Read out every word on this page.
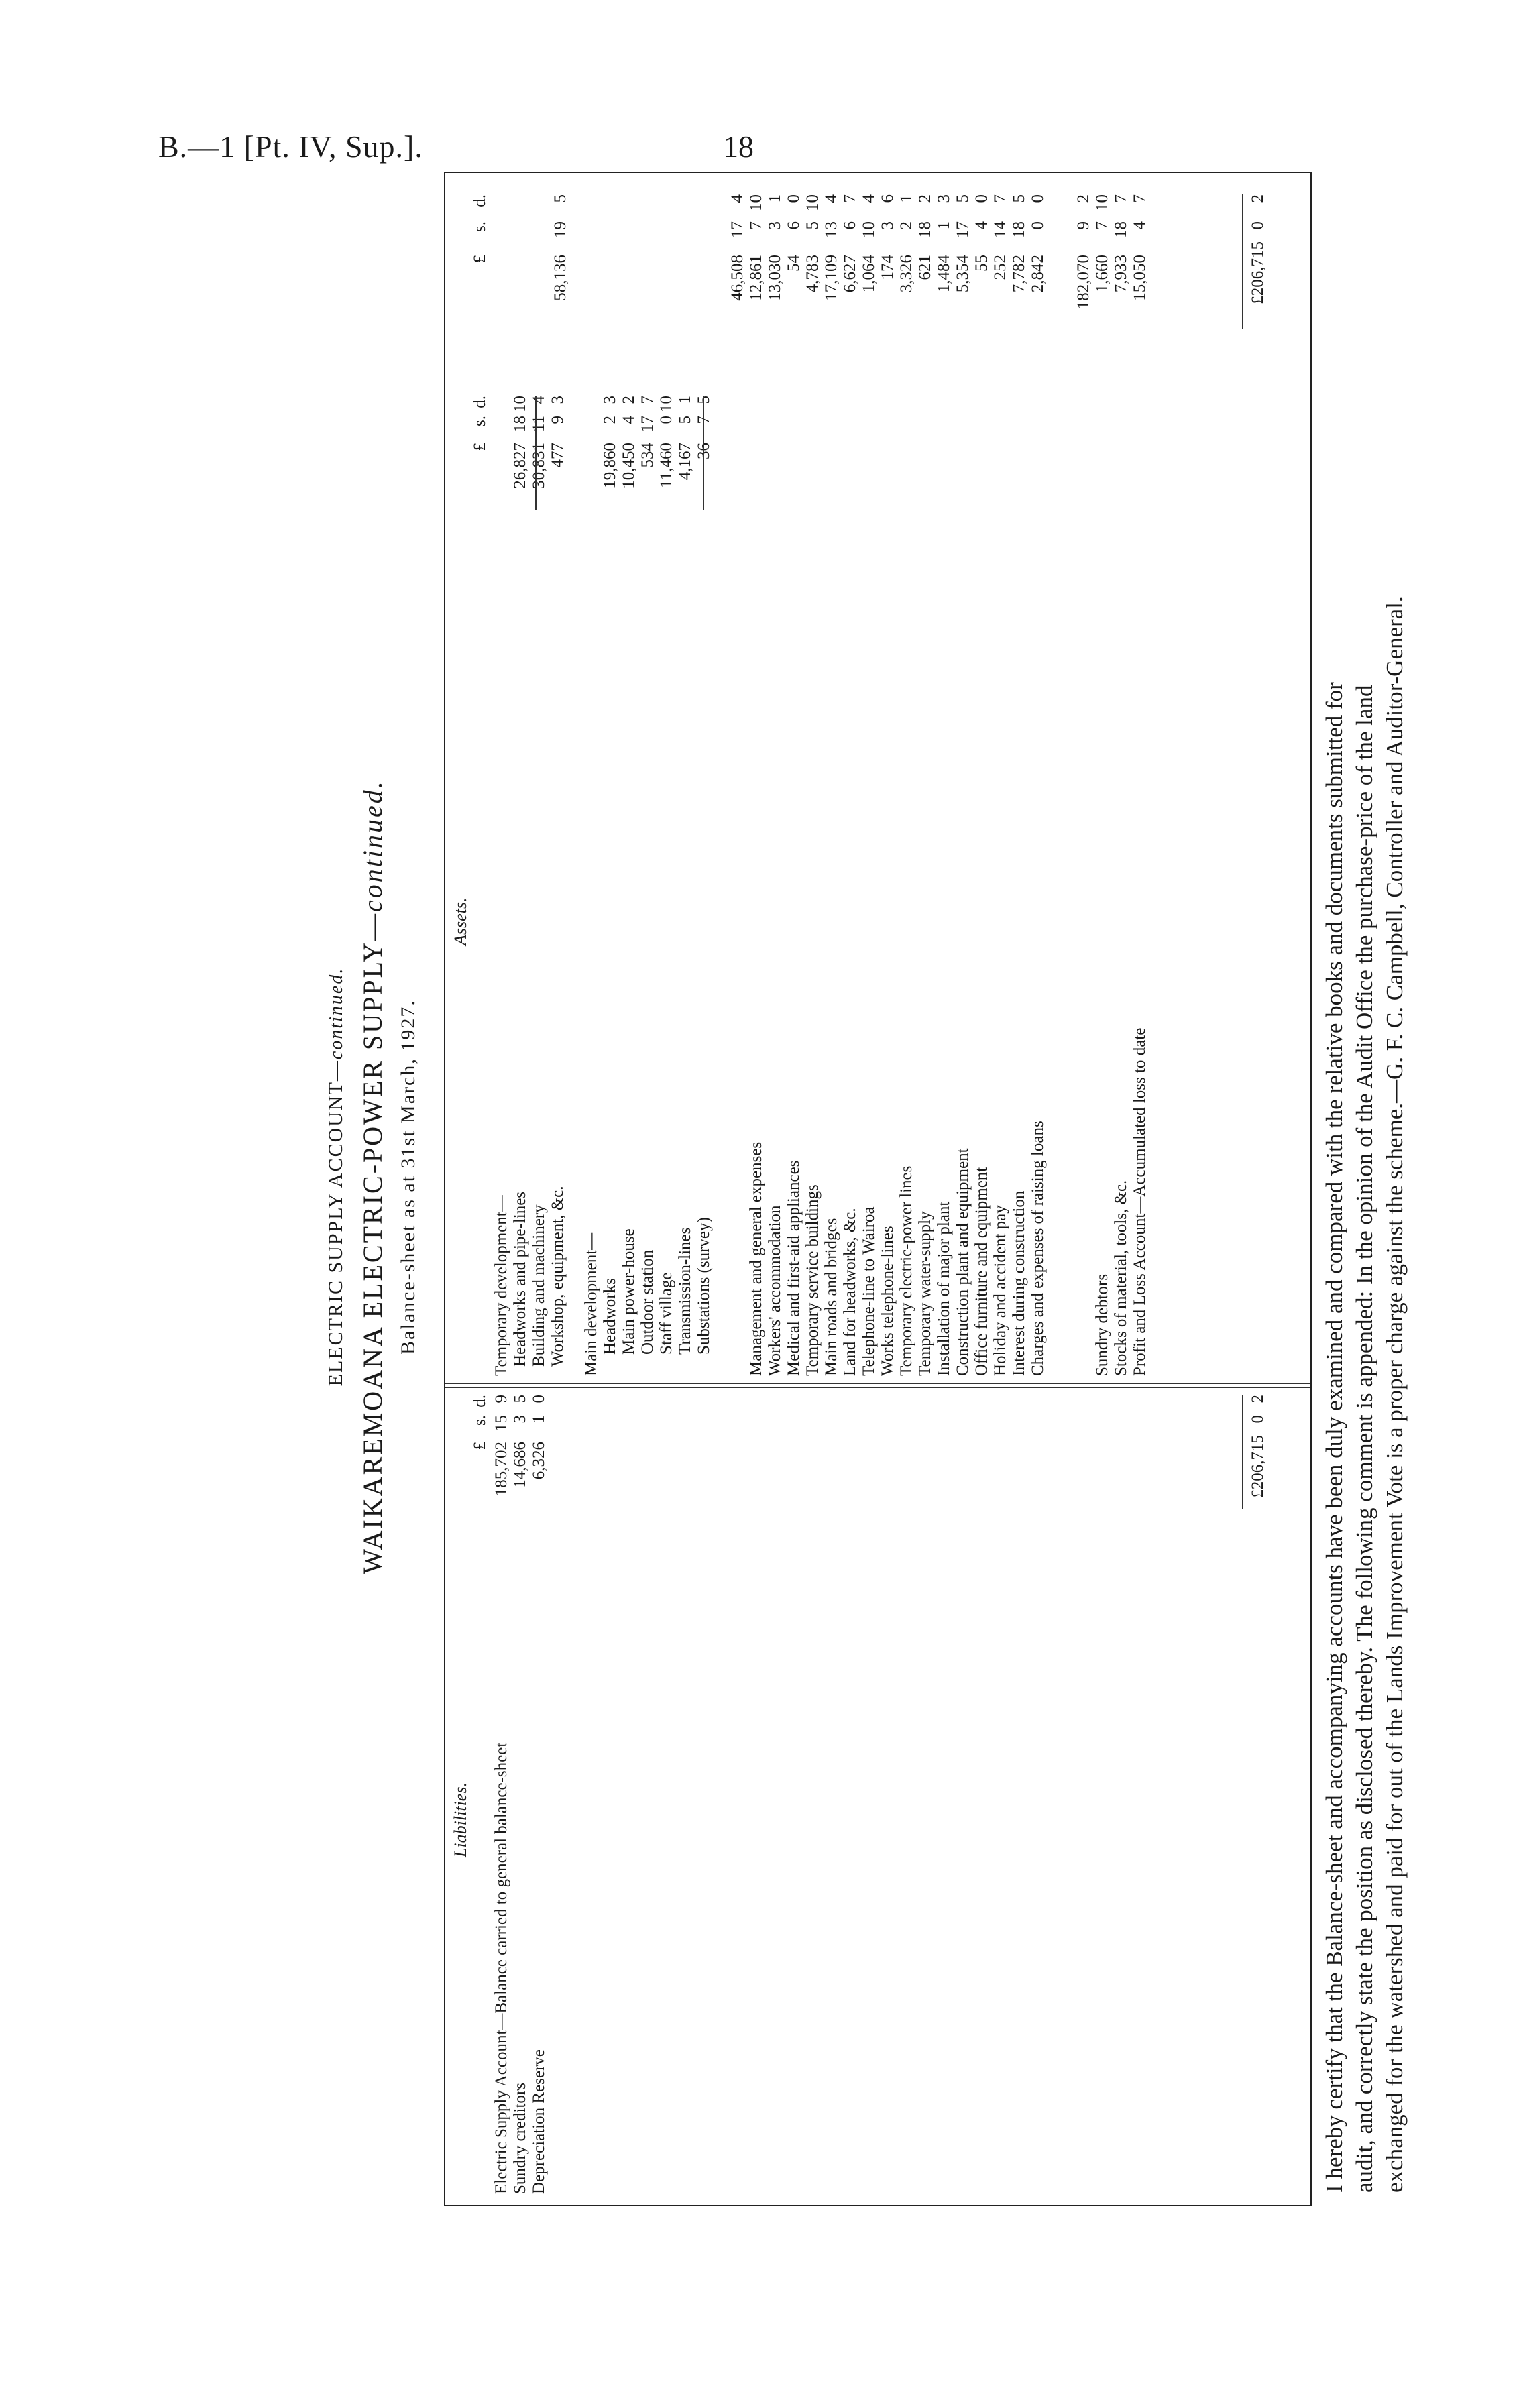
B.—1 [Pt. IV, Sup.].	18
ELECTRIC SUPPLY ACCOUNT—continued. WAIKAREMOANA ELECTRIC-POWER SUPPLY—continued.
Balance-sheet as at 31st March, 1927.
Liabilities.
£
s.
d.
Electric Supply Account—Balance carried to general balance-sheet
185,702
15
9
Sundry creditors
14,686
3
5
Depreciation Reserve
6,326
1
0
£206,715
0
2
Assets.
£
s.
d.
£
s.
d.
Temporary development— Headworks and pipe-lines
26,827
18
10
Building and machinery
30,831
11
4
Workshop, equipment, &c.
477
9
3
58,136
19
5
Main development— Headworks
19,860
2
3
Main power-house
10,450
4
2
Outdoor station
534
17
7
Staff village
11,460
0
10
Transmission-lines
4,167
5
1
Substations (survey)
36
7
5
46,508
17
4
Management and general expenses
12,861
7
10
Workers' accommodation
13,030
3
1
Medical and first-aid appliances
54
6
0
Temporary service buildings
4,783
5
10
Main roads and bridges
17,109
13
4
Land for headworks, &c.
6,627
6
7
Telephone-line to Wairoa
1,064
10
4
Works telephone-lines
174
3
6
Temporary electric-power lines
3,326
2
1
Temporary water-supply
621
18
2
Installation of major plant
1,484
1
3
Construction plant and equipment
5,354
17
5
Office furniture and equipment
55
4
0
Holiday and accident pay
252
14
7
Interest during construction
7,782
18
5
Charges and expenses of raising loans
2,842
0
0
182,070
9
2
Sundry debtors
1,660
7
10
Stocks of material, tools, &c.
7,933
18
7
Profit and Loss Account—Accumulated loss to date
15,050
4
7
£206,715
0
2
I hereby certify that the Balance-sheet and accompanying accounts have been duly examined and compared with the relative books and documents submitted for audit, and correctly state the position as disclosed thereby. The following comment is appended: In the opinion of the Audit Office the purchase-price of the land exchanged for the watershed and paid for out of the Lands Improvement Vote is a proper charge against the scheme.—G. F. C. Campbell, Controller and Auditor-General.
